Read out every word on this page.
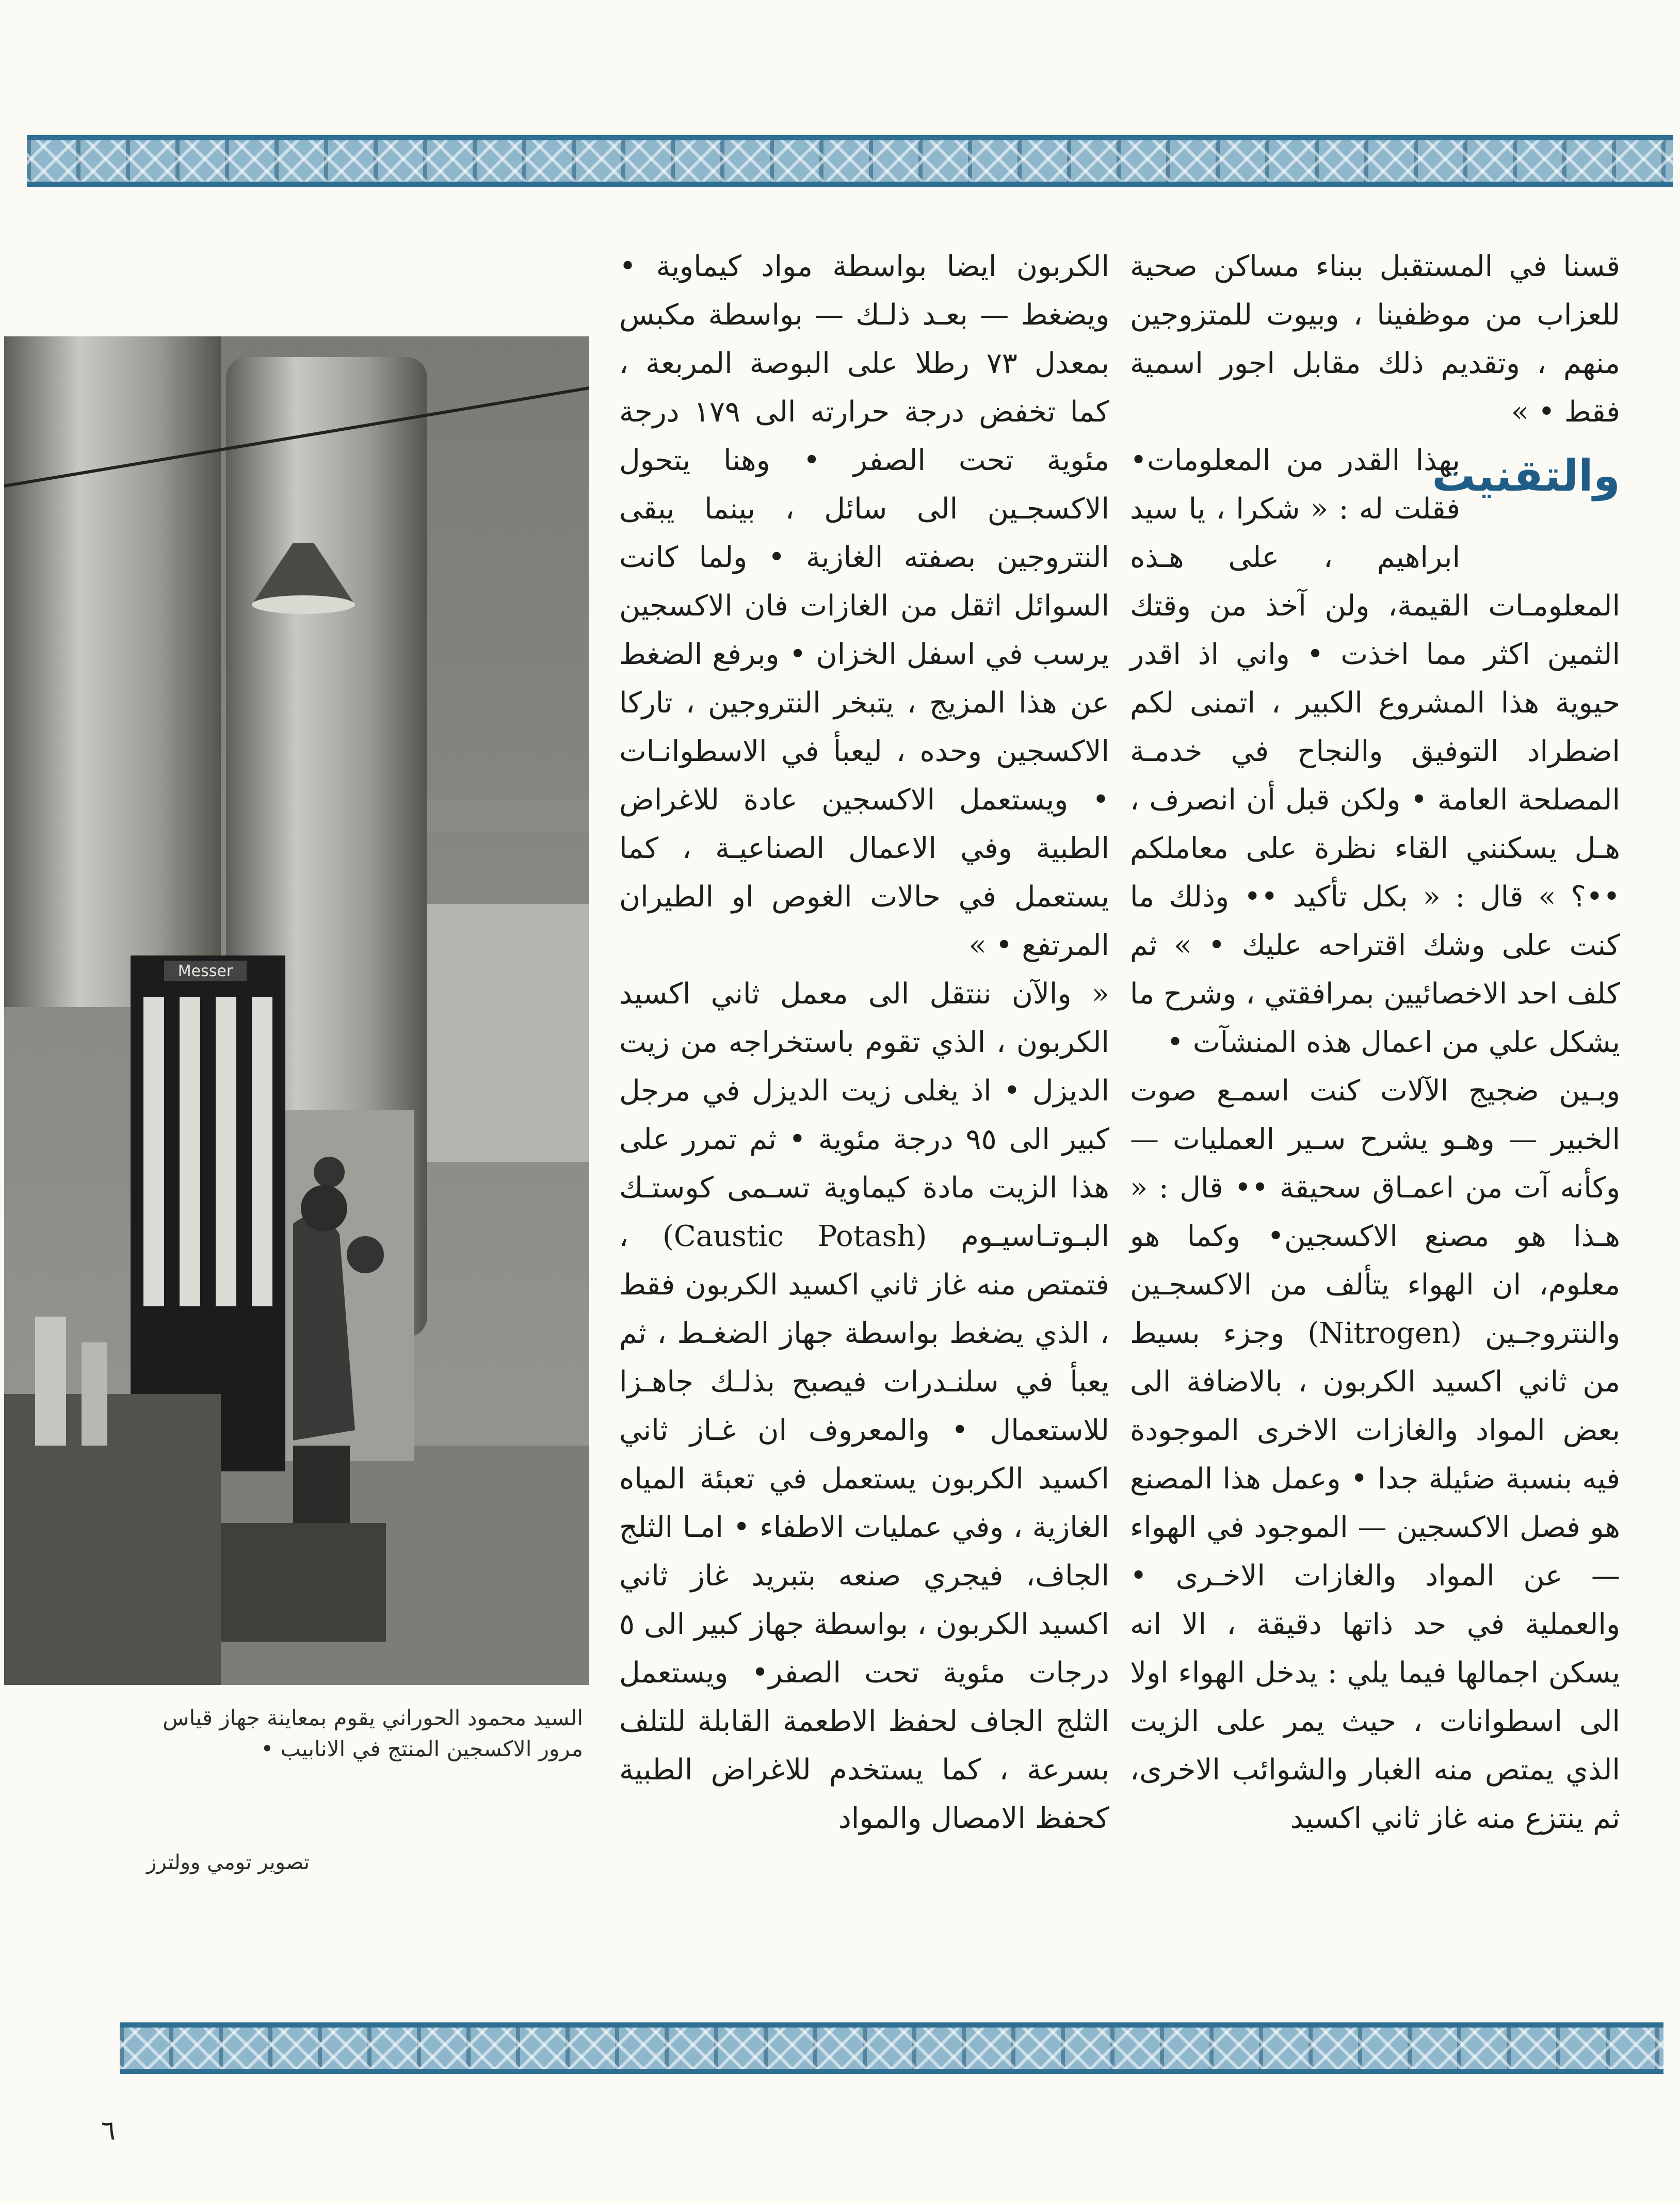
قسنا في المستقبل ببناء مساكن صحية للعزاب من موظفينا ، وبيوت للمتزوجين منهم ، وتقديم ذلك مقابل اجور اسمية فقط • »

والتقنيت

بهذا القدر من المعلومات• فقلت له : « شكرا ، يا سيد ابراهيم ، على هـذه المعلومـات القيمة، ولن آخذ من وقتك الثمين اكثر مما اخذت • واني اذ اقدر حيوية هذا المشروع الكبير ، اتمنى لكم اضطراد التوفيق والنجاح في خدمـة المصلحة العامة • ولكن قبل أن انصرف ، هـل يسكنني القاء نظرة على معاملكم ••؟ » قال : « بكل تأكيد •• وذلك ما كنت على وشك اقتراحه عليك • » ثم كلف احد الاخصائيين بمرافقتي ، وشرح ما يشكل علي من اعمال هذه المنشآت •

وبـين ضجيج الآلات كنت اسمـع صوت الخبير — وهـو يشرح سـير العمليات — وكأنه آت من اعمـاق سحيقة •• قال : « هـذا هو مصنع الاكسجين• وكما هو معلوم، ان الهواء يتألف من الاكسجـين والنتروجـين (Nitrogen) وجزء بسيط من ثاني اكسيد الكربون ، بالاضافة الى بعض المواد والغازات الاخرى الموجودة فيه بنسبة ضئيلة جدا • وعمل هذا المصنع هو فصل الاكسجين — الموجود في الهواء — عن المواد والغازات الاخـرى • والعملية في حد ذاتها دقيقة ، الا انه يسكن اجمالها فيما يلي : يدخل الهواء اولا الى اسطوانات ، حيث يمر على الزيت الذي يمتص منه الغبار والشوائب الاخرى، ثم ينتزع منه غاز ثاني اكسيد

الكربون ايضا بواسطة مواد كيماوية • ويضغط — بعـد ذلـك — بواسطة مكبس بمعدل ٧٣ رطلا على البوصة المربعة ، كما تخفض درجة حرارته الى ١٧٩ درجة مئوية تحت الصفر • وهنا يتحول الاكسجـين الى سائل ، بينما يبقى النتروجين بصفته الغازية • ولما كانت السوائل اثقل من الغازات فان الاكسجين يرسب في اسفل الخزان • وبرفع الضغط عن هذا المزيج ، يتبخر النتروجين ، تاركا الاكسجين وحده ، ليعبأ في الاسطوانـات • ويستعمل الاكسجين عادة للاغراض الطبية وفي الاعمال الصناعيـة ، كما يستعمل في حالات الغوص او الطيران المرتفع • »

« والآن ننتقل الى معمل ثاني اكسيد الكربون ، الذي تقوم باستخراجه من زيت الديزل • اذ يغلى زيت الديزل في مرجل كبير الى ٩٥ درجة مئوية • ثم تمرر على هذا الزيت مادة كيماوية تسـمى كوستـك البـوتـاسيـوم (Caustic Potash) ، فتمتص منه غاز ثاني اكسيد الكربون فقط ، الذي يضغط بواسطة جهاز الضغـط ، ثم يعبأ في سلنـدرات فيصبح بذلـك جاهـزا للاستعمال • والمعروف ان غـاز ثاني اكسيد الكربون يستعمل في تعبئة المياه الغازية ، وفي عمليات الاطفاء • امـا الثلج الجاف، فيجري صنعه بتبريد غاز ثاني اكسيد الكربون ، بواسطة جهاز كبير الى ٥ درجات مئوية تحت الصفر• ويستعمل الثلج الجاف لحفظ الاطعمة القابلة للتلف بسرعة ، كما يستخدم للاغراض الطبية كحفظ الامصال والمواد

Messer
السيد محمود الحوراني يقوم بمعاينة جهاز قياس مرور الاكسجين المنتج في الانابيب •
تصوير تومي وولترز
٦
